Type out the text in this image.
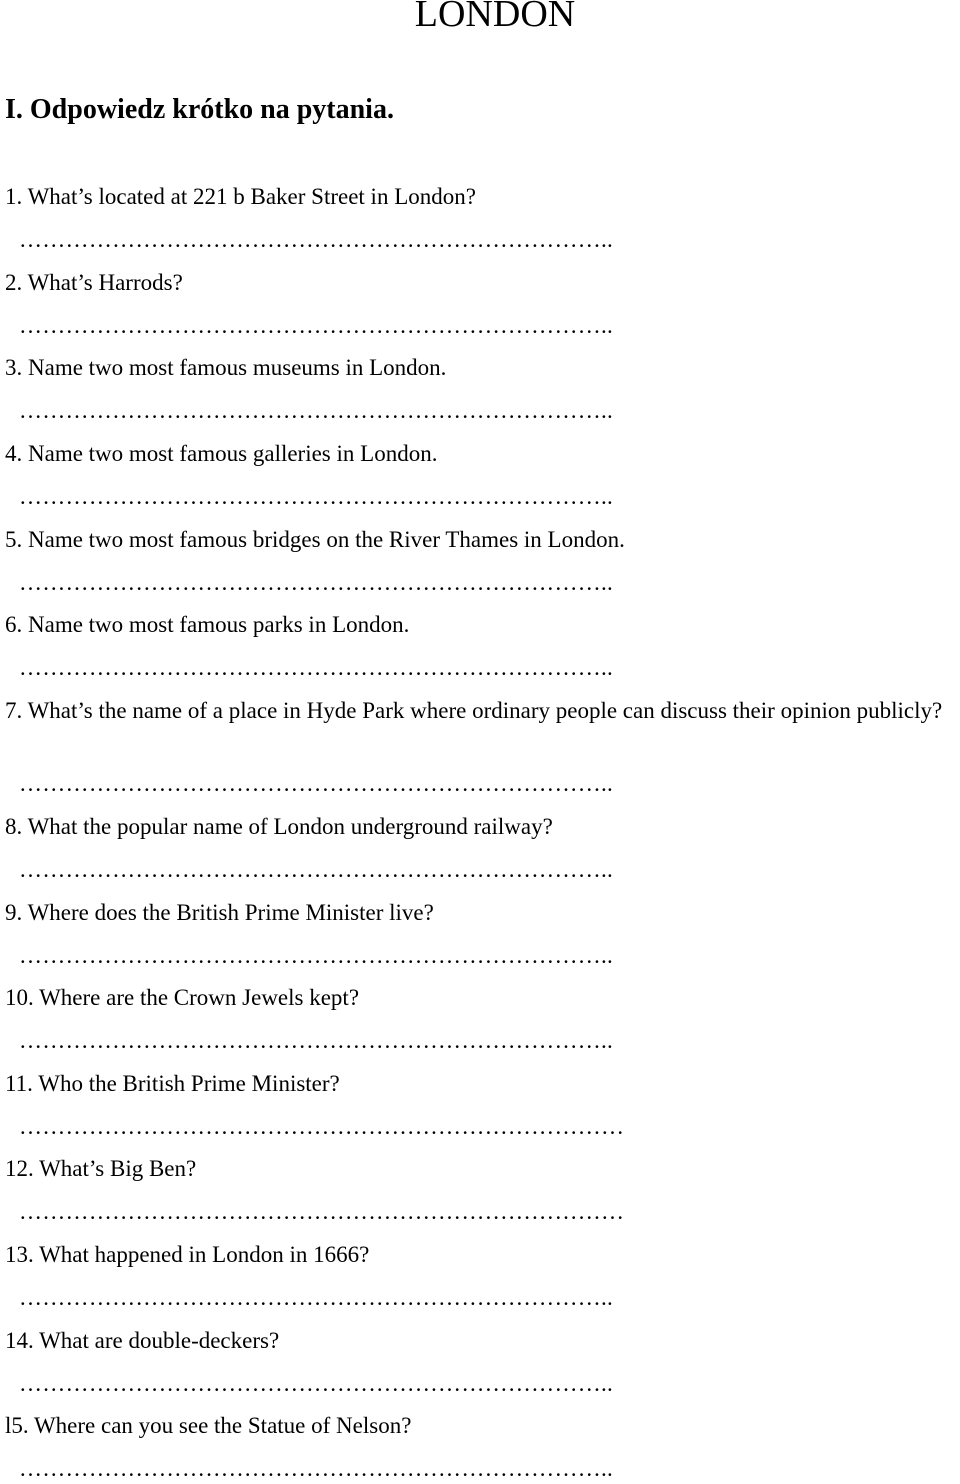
LONDON
I. Odpowiedz krótko na pytania.
1. What’s located at 221 b Baker Street in London?
…………………………………………………………………..
2. What’s Harrods?
…………………………………………………………………..
3. Name two most famous museums in London.
…………………………………………………………………..
4. Name two most famous galleries in London.
…………………………………………………………………..
5. Name two most famous bridges on the River Thames in London.
…………………………………………………………………..
6. Name two most famous parks in London.
…………………………………………………………………..
7. What’s the name of a place in Hyde Park where ordinary people can discuss their opinion publicly?
…………………………………………………………………..
8. What the popular name of London underground railway?
…………………………………………………………………..
9. Where does the British Prime Minister live?
…………………………………………………………………..
10. Where are the Crown Jewels kept?
…………………………………………………………………..
11. Who the British Prime Minister?
……………………………………………………………………
12. What’s Big Ben?
……………………………………………………………………
13. What happened in London in 1666?
…………………………………………………………………..
14. What are double-deckers?
…………………………………………………………………..
l5. Where can you see the Statue of Nelson?
…………………………………………………………………..
